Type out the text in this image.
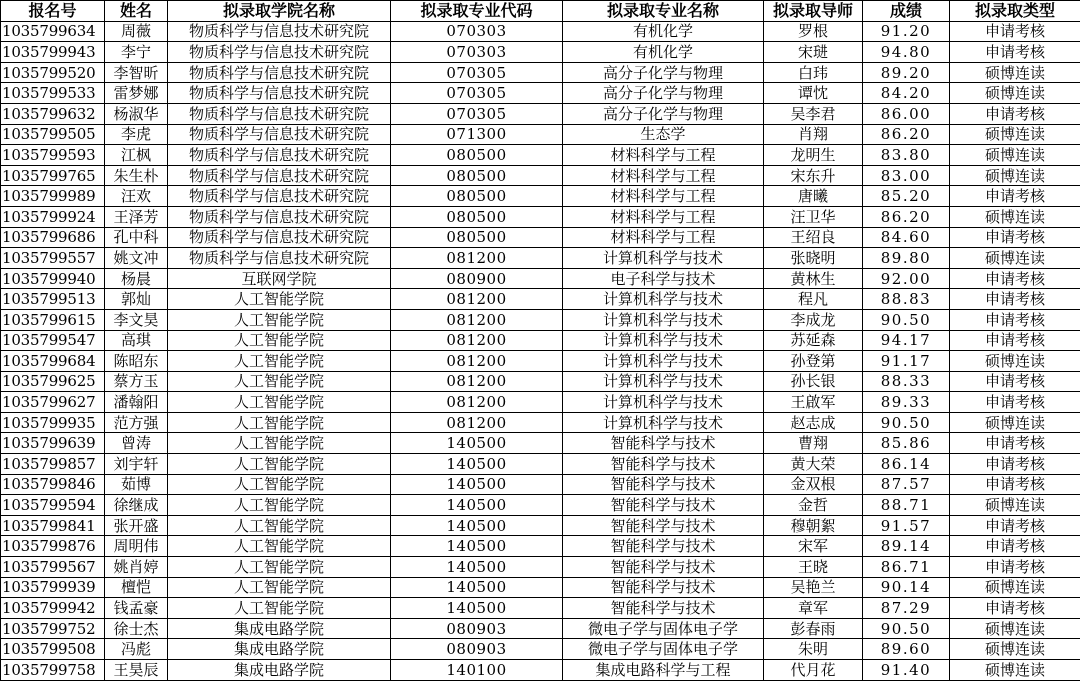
报名号	姓名	拟录取学院名称	拟录取专业代码	拟录取专业名称	拟录取导师	成绩	拟录取类型
1035799634	周薇	物质科学与信息技术研究院	070303	有机化学	罗根	91.20	申请考核
1035799943	李宁	物质科学与信息技术研究院	070303	有机化学	宋琎	94.80	申请考核
1035799520	李智昕	物质科学与信息技术研究院	070305	高分子化学与物理	白玮	89.20	硕博连读
1035799533	雷梦娜	物质科学与信息技术研究院	070305	高分子化学与物理	谭忱	84.20	硕博连读
1035799632	杨淑华	物质科学与信息技术研究院	070305	高分子化学与物理	吴李君	86.00	申请考核
1035799505	李虎	物质科学与信息技术研究院	071300	生态学	肖翔	86.20	硕博连读
1035799593	江枫	物质科学与信息技术研究院	080500	材料科学与工程	龙明生	83.80	硕博连读
1035799765	朱生朴	物质科学与信息技术研究院	080500	材料科学与工程	宋东升	83.00	硕博连读
1035799989	汪欢	物质科学与信息技术研究院	080500	材料科学与工程	唐曦	85.20	申请考核
1035799924	王泽芳	物质科学与信息技术研究院	080500	材料科学与工程	汪卫华	86.20	硕博连读
1035799686	孔中科	物质科学与信息技术研究院	080500	材料科学与工程	王绍良	84.60	申请考核
1035799557	姚文冲	物质科学与信息技术研究院	081200	计算机科学与技术	张晓明	89.80	硕博连读
1035799940	杨晨	互联网学院	080900	电子科学与技术	黄林生	92.00	申请考核
1035799513	郭灿	人工智能学院	081200	计算机科学与技术	程凡	88.83	申请考核
1035799615	李文昊	人工智能学院	081200	计算机科学与技术	李成龙	90.50	申请考核
1035799547	高琪	人工智能学院	081200	计算机科学与技术	苏延森	94.17	申请考核
1035799684	陈昭东	人工智能学院	081200	计算机科学与技术	孙登第	91.17	硕博连读
1035799625	蔡方玉	人工智能学院	081200	计算机科学与技术	孙长银	88.33	申请考核
1035799627	潘翰阳	人工智能学院	081200	计算机科学与技术	王啟军	89.33	申请考核
1035799935	范方强	人工智能学院	081200	计算机科学与技术	赵志成	90.50	硕博连读
1035799639	曾涛	人工智能学院	140500	智能科学与技术	曹翔	85.86	申请考核
1035799857	刘宇轩	人工智能学院	140500	智能科学与技术	黄大荣	86.14	申请考核
1035799846	茹博	人工智能学院	140500	智能科学与技术	金双根	87.57	申请考核
1035799594	徐继成	人工智能学院	140500	智能科学与技术	金哲	88.71	硕博连读
1035799841	张开盛	人工智能学院	140500	智能科学与技术	穆朝絮	91.57	申请考核
1035799876	周明伟	人工智能学院	140500	智能科学与技术	宋军	89.14	申请考核
1035799567	姚肖婷	人工智能学院	140500	智能科学与技术	王晓	86.71	申请考核
1035799939	檀恺	人工智能学院	140500	智能科学与技术	吴艳兰	90.14	硕博连读
1035799942	钱孟豪	人工智能学院	140500	智能科学与技术	章军	87.29	申请考核
1035799752	徐士杰	集成电路学院	080903	微电子学与固体电子学	彭春雨	90.50	硕博连读
1035799508	冯彪	集成电路学院	080903	微电子学与固体电子学	朱明	89.60	硕博连读
1035799758	王昊辰	集成电路学院	140100	集成电路科学与工程	代月花	91.40	硕博连读
